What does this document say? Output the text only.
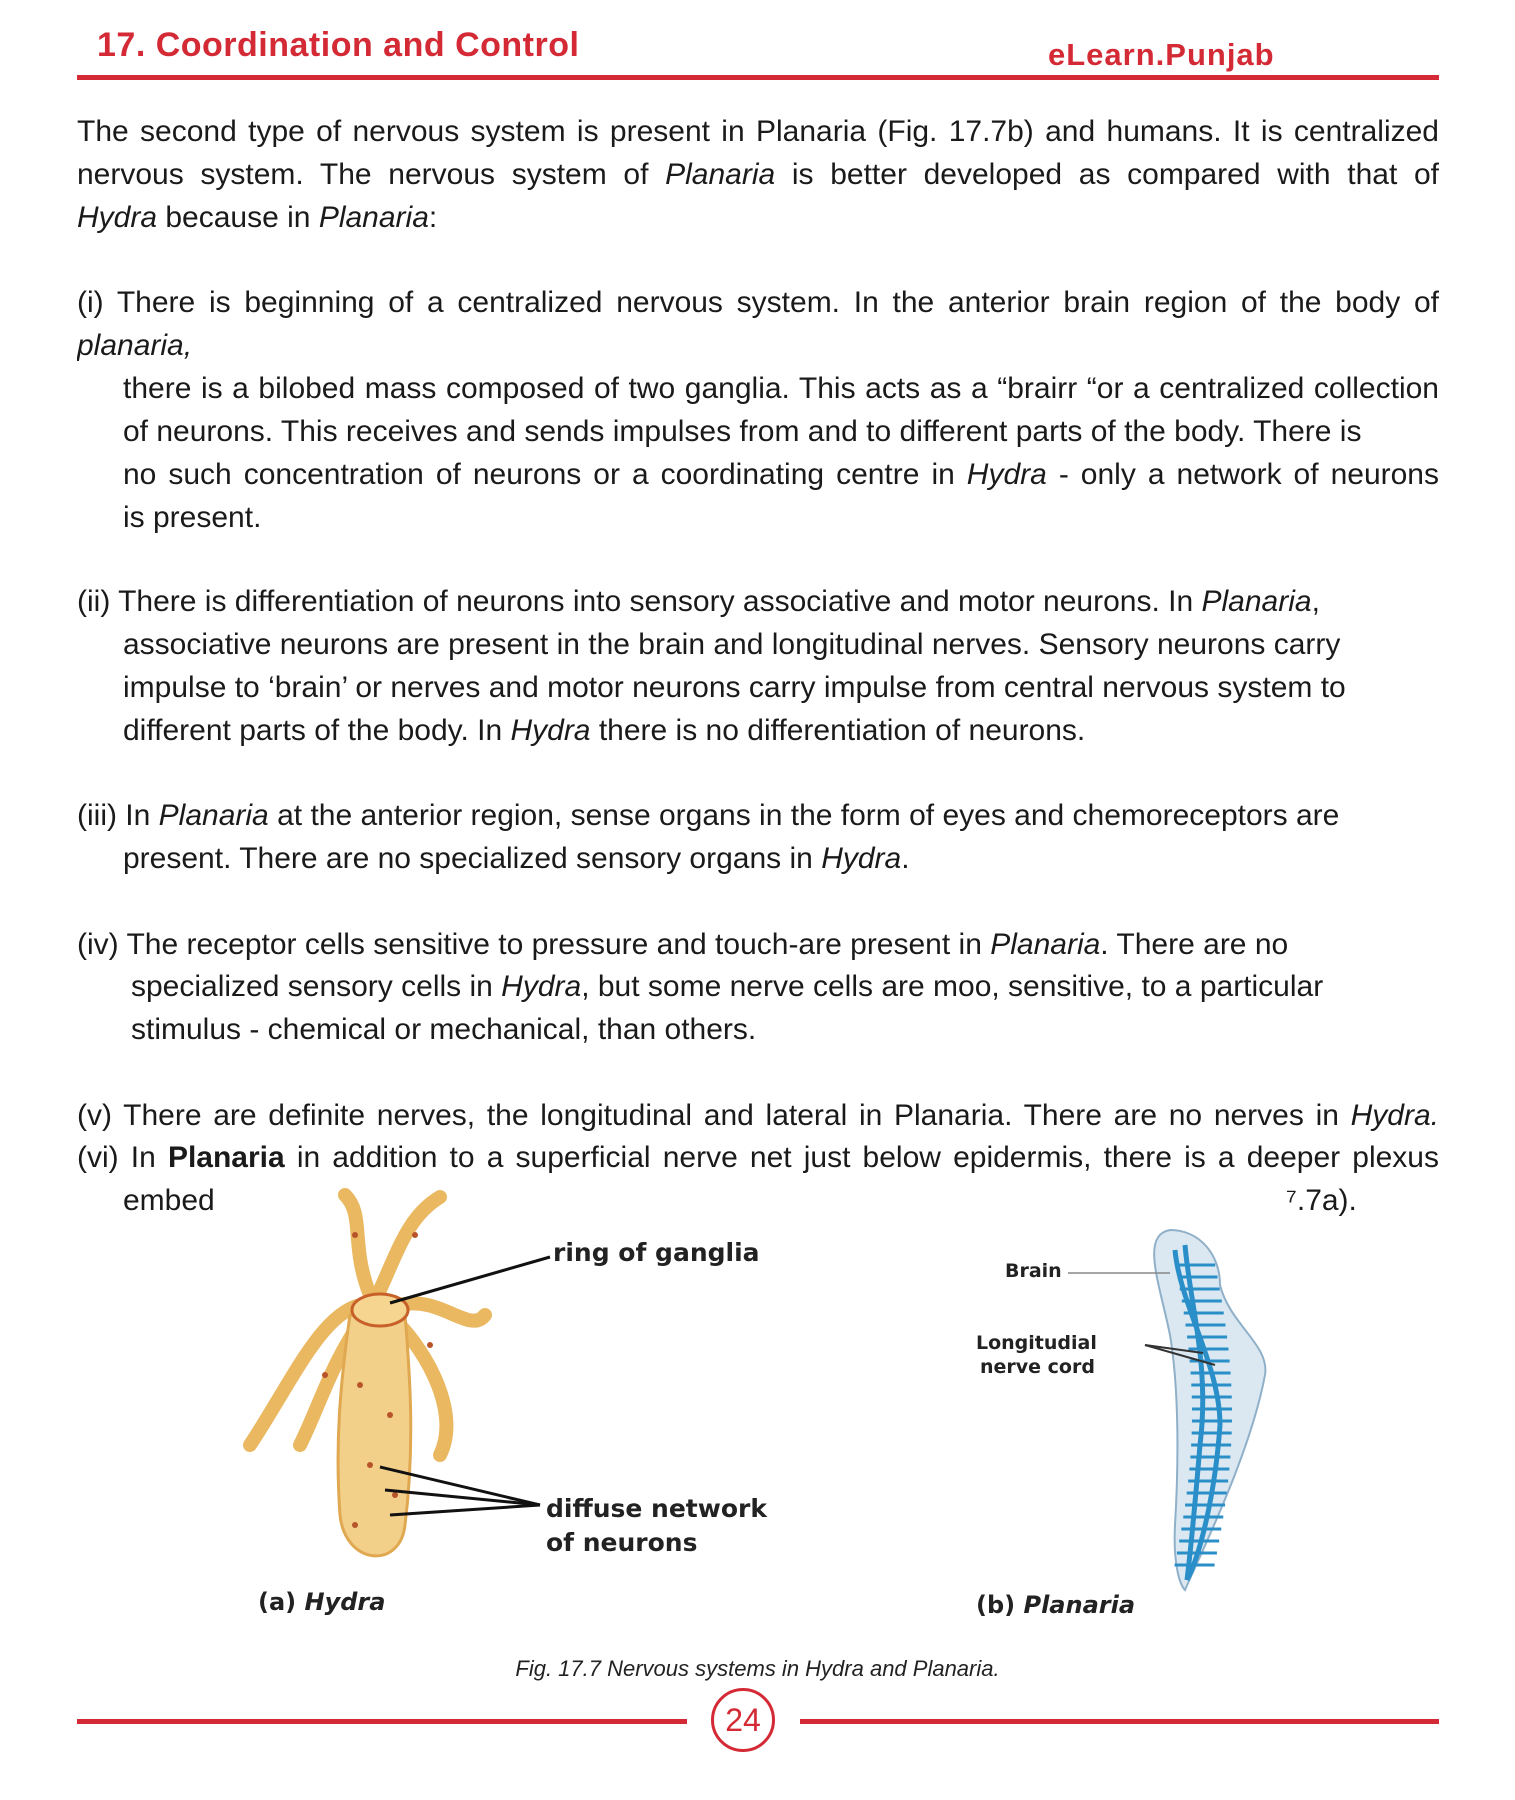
17. Coordination and Control	eLearn.Punjab
The second type of nervous system is present in Planaria (Fig. 17.7b) and humans. It is centralized
nervous system. The nervous system of Planaria is better developed as compared with that of
Hydra because in Planaria:
(i) There is beginning of a centralized nervous system. In the anterior brain region of the body of
planaria,
there is a bilobed mass composed of two ganglia. This acts as a “brairr “or a centralized collection
of neurons. This receives and sends impulses from and to different parts of the body. There is
no such concentration of neurons or a coordinating centre in Hydra - only a network of neurons
is present.
(ii) There is differentiation of neurons into sensory associative and motor neurons. In Planaria,
associative neurons are present in the brain and longitudinal nerves. Sensory neurons carry
impulse to ‘brain’ or nerves and motor neurons carry impulse from central nervous system to
different parts of the body. In Hydra there is no differentiation of neurons.
(iii) In Planaria at the anterior region, sense organs in the form of eyes and chemoreceptors are
present. There are no specialized sensory organs in Hydra.
(iv) The receptor cells sensitive to pressure and touch-are present in Planaria. There are no
specialized sensory cells in Hydra, but some nerve cells are moo, sensitive, to a particular
stimulus - chemical or mechanical, than others.
(v) There are definite nerves, the longitudinal and lateral in Planaria. There are no nerves in Hydra.
(vi) In Planaria in addition to a superficial nerve net just below epidermis, there is a deeper plexus
embed	⁷.7a).
ring of ganglia
diffuse network
of neurons
(a) Hydra
Brain
Longitudial
nerve cord
(b) Planaria
Fig. 17.7 Nervous systems in Hydra and Planaria.
24
